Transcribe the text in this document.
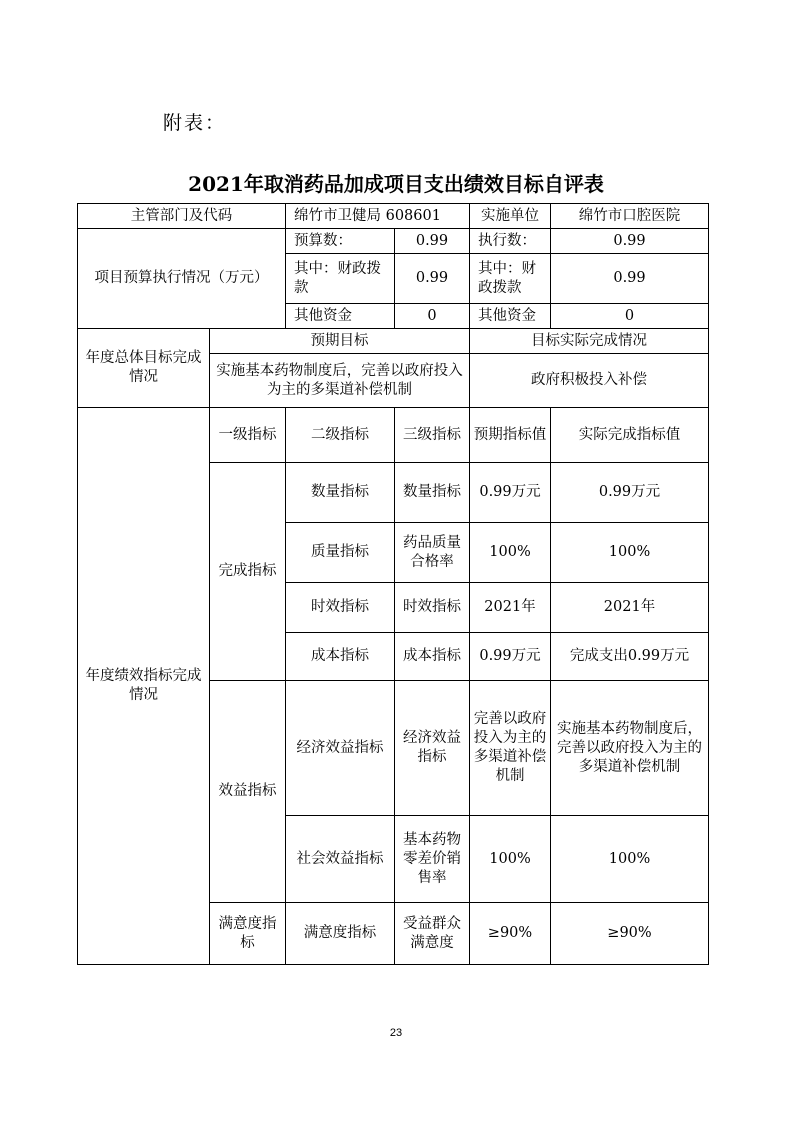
附表：
2021年取消药品加成项目支出绩效目标自评表
主管部门及代码		绵竹市卫健局 608601		实施单位	绵竹市口腔医院
项目预算执行情况（万元）		预算数：	0.99	执行数：	0.99
		其中：财政拨款	0.99	其中：财政拨款	0.99
		其他资金	0	其他资金	0
年度总体目标完成情况	预期目标			目标实际完成情况	
	实施基本药物制度后，完善以政府投入为主的多渠道补偿机制			政府积极投入补偿	
年度绩效指标完成情况	一级指标	二级指标	三级指标	预期指标值	实际完成指标值
	完成指标	数量指标	数量指标	0.99万元	0.99万元
		质量指标	药品质量合格率	100%	100%
		时效指标	时效指标	2021年	2021年
		成本指标	成本指标	0.99万元	完成支出0.99万元
	效益指标	经济效益指标	经济效益指标	完善以政府投入为主的多渠道补偿机制	实施基本药物制度后，完善以政府投入为主的多渠道补偿机制
		社会效益指标	基本药物零差价销售率	100%	100%
	满意度指标	满意度指标	受益群众满意度	≥90%	≥90%
23
